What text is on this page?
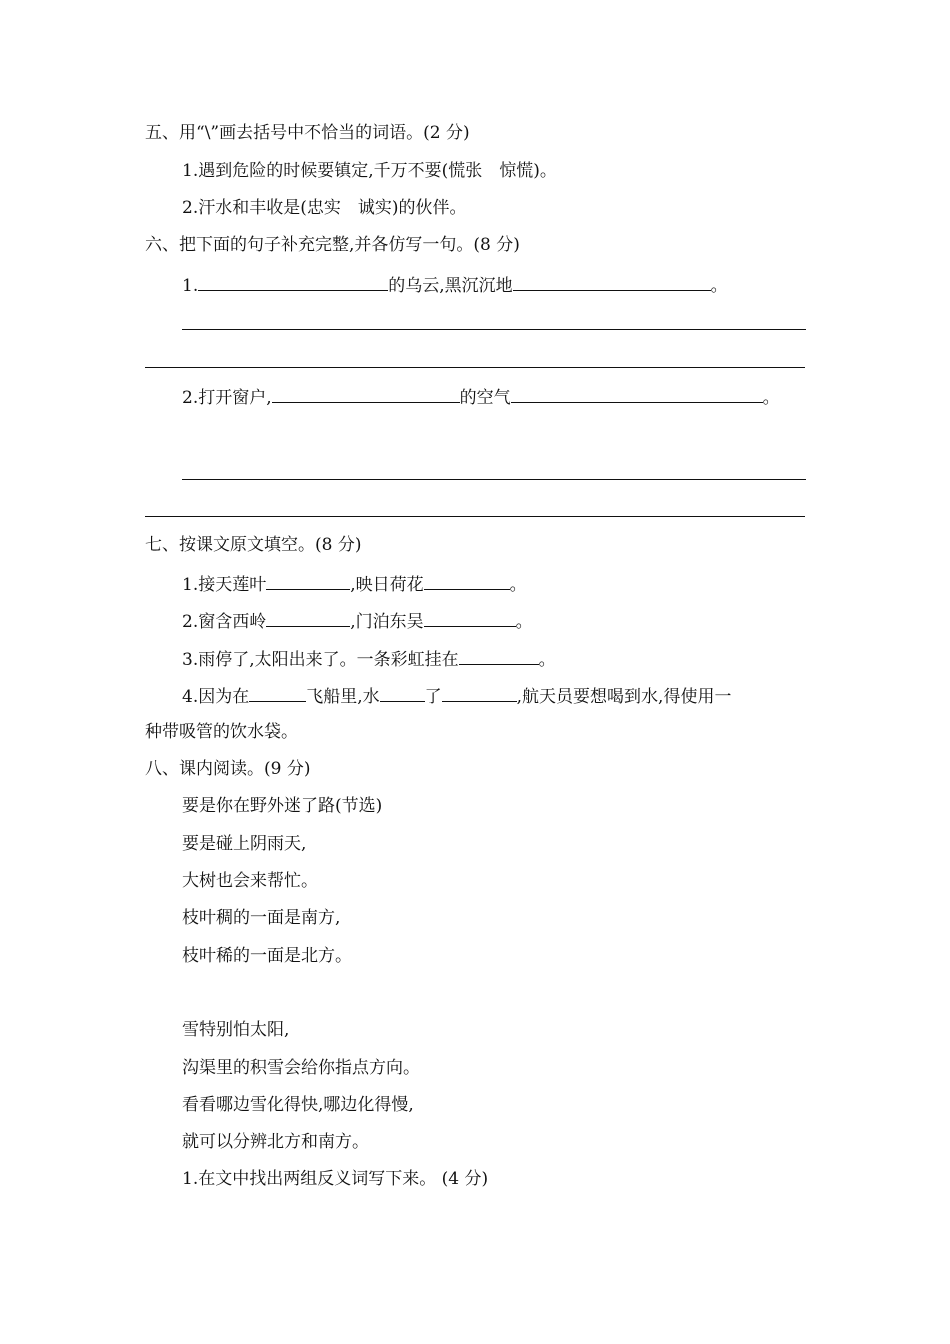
五、用“\”画去括号中不恰当的词语。(2 分)
1.遇到危险的时候要镇定,千万不要(慌张　惊慌)。
2.汗水和丰收是(忠实　诚实)的伙伴。
六、把下面的句子补充完整,并各仿写一句。(8 分)
1.	的乌云,黑沉沉地	。
2.打开窗户,	的空气	。
七、按课文原文填空。(8 分)
1.接天莲叶	,映日荷花	。
2.窗含西岭	,门泊东吴	。
3.雨停了,太阳出来了。一条彩虹挂在	。
4.因为在	飞船里,水	了	,航天员要想喝到水,得使用一
种带吸管的饮水袋。
八、课内阅读。(9 分)
要是你在野外迷了路(节选)
要是碰上阴雨天,
大树也会来帮忙。
枝叶稠的一面是南方,
枝叶稀的一面是北方。
雪特别怕太阳,
沟渠里的积雪会给你指点方向。
看看哪边雪化得快,哪边化得慢,
就可以分辨北方和南方。
1.在文中找出两组反义词写下来。 (4 分)
